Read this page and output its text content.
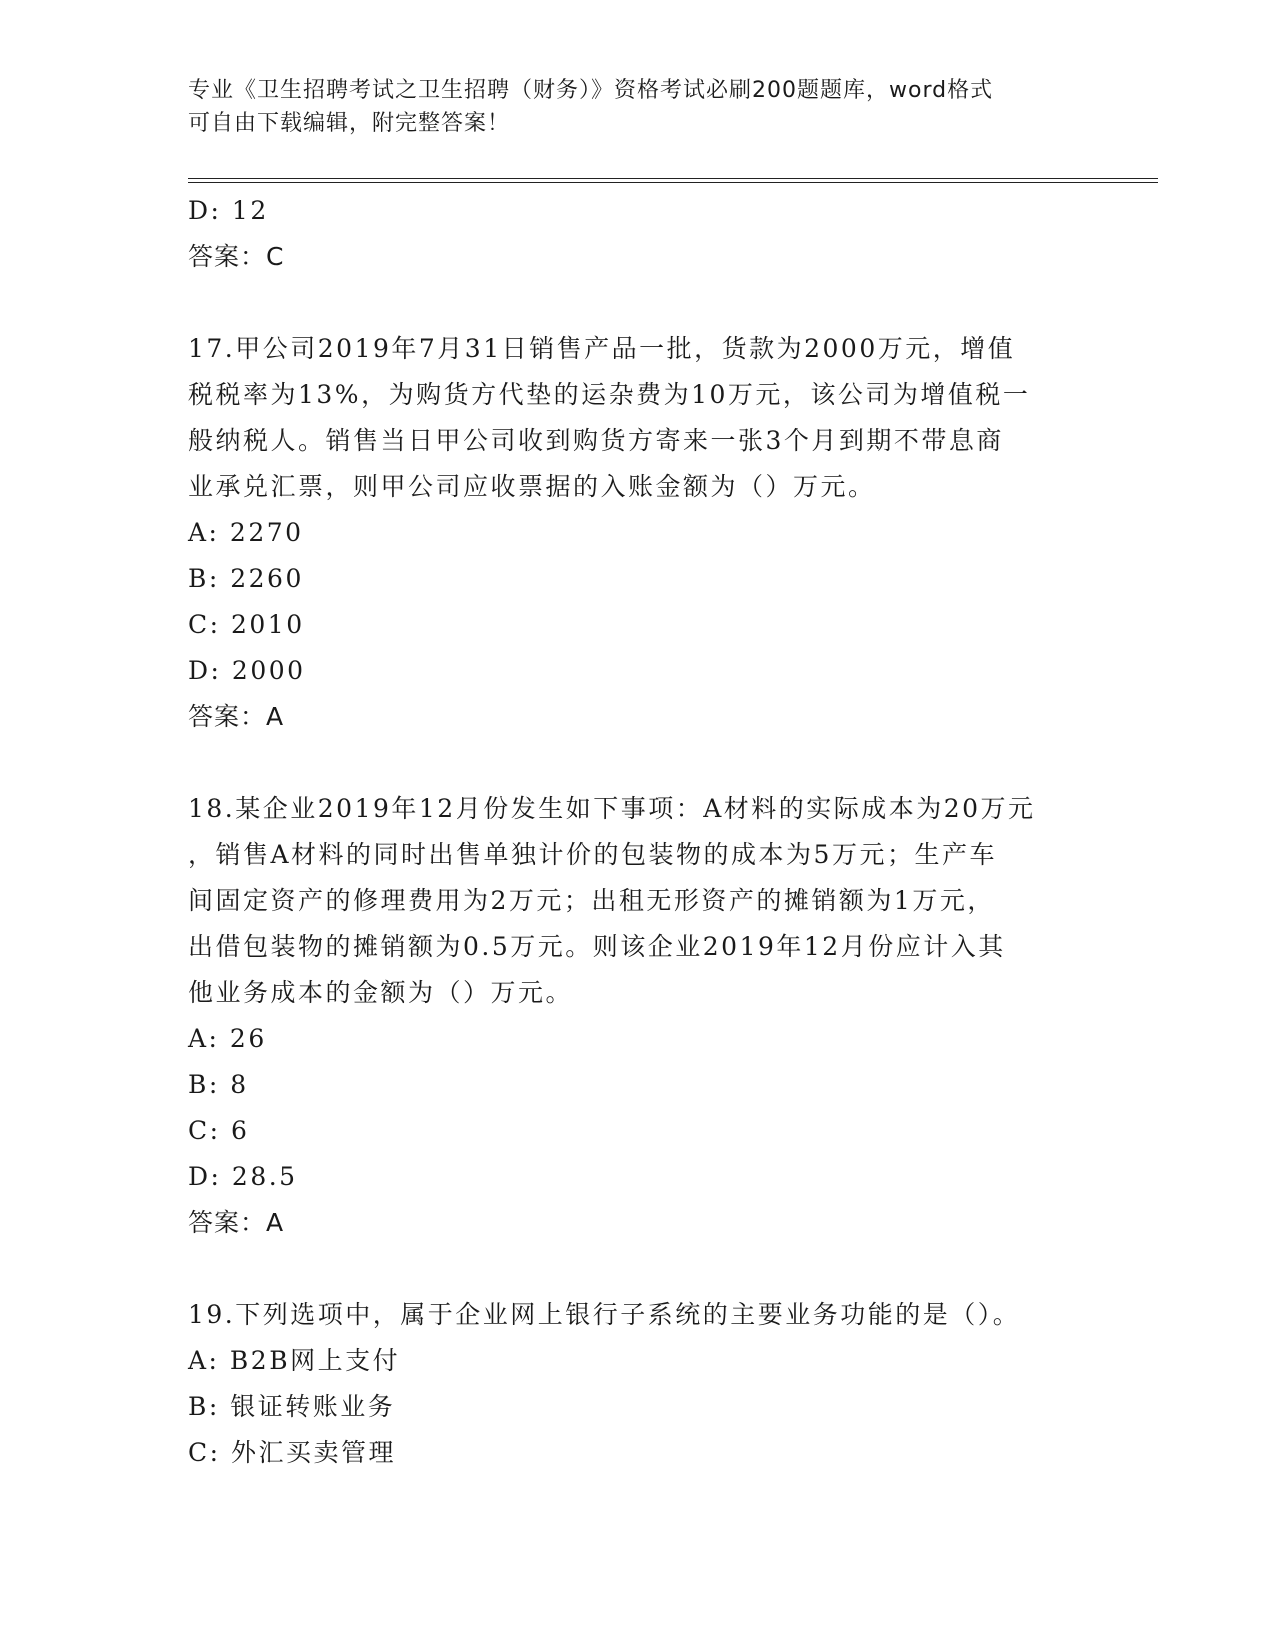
专业《卫生招聘考试之卫生招聘（财务）》资格考试必刷200题题库，word格式
可自由下载编辑，附完整答案！
D: 12
答案：C
17.甲公司2019年7月31日销售产品一批，货款为2000万元，增值
税税率为13%，为购货方代垫的运杂费为10万元，该公司为增值税一
般纳税人。销售当日甲公司收到购货方寄来一张3个月到期不带息商
业承兑汇票，则甲公司应收票据的入账金额为（）万元。
A: 2270
B: 2260
C: 2010
D: 2000
答案：A
18.某企业2019年12月份发生如下事项：A材料的实际成本为20万元
，销售A材料的同时出售单独计价的包装物的成本为5万元；生产车
间固定资产的修理费用为2万元；出租无形资产的摊销额为1万元，
出借包装物的摊销额为0.5万元。则该企业2019年12月份应计入其
他业务成本的金额为（）万元。
A: 26
B: 8
C: 6
D: 28.5
答案：A
19.下列选项中，属于企业网上银行子系统的主要业务功能的是（）。
A: B2B网上支付
B: 银证转账业务
C: 外汇买卖管理
